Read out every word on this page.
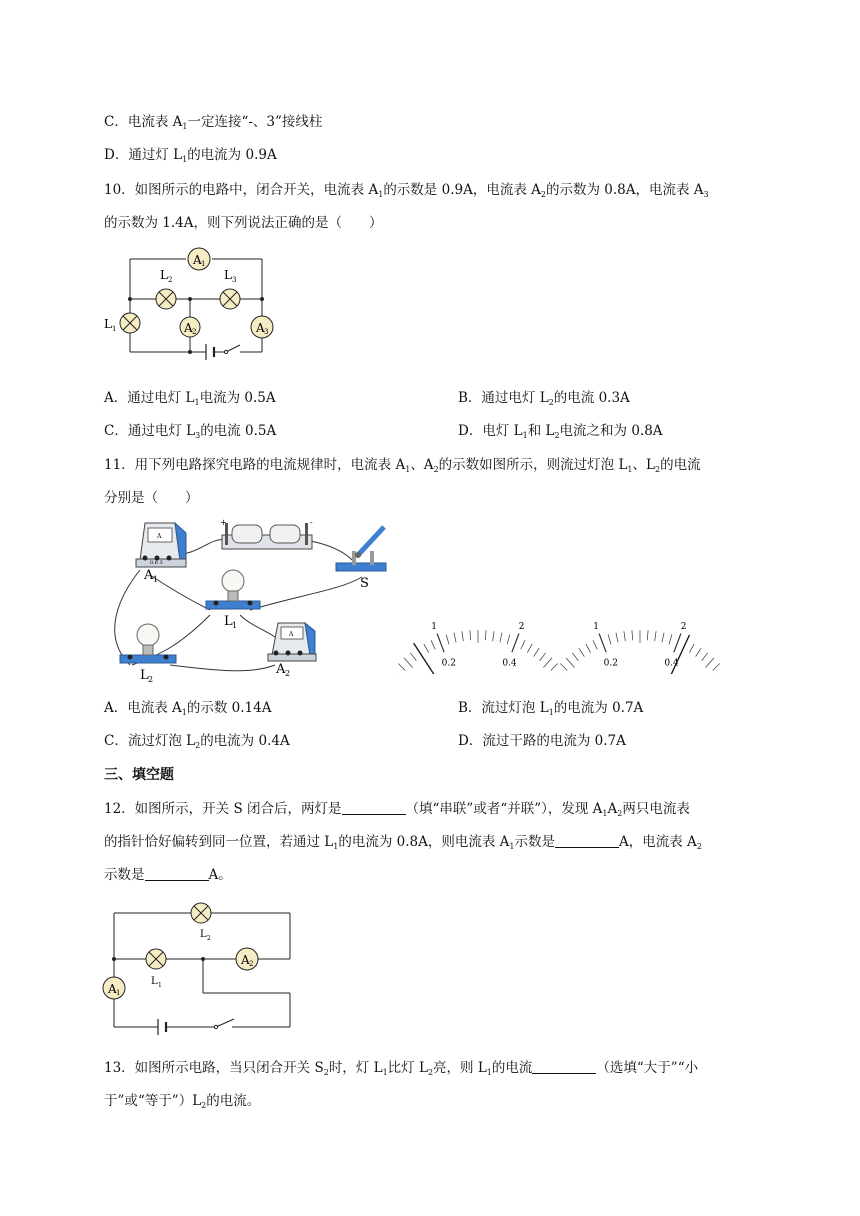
C．电流表 $A_1$一定连接“-、3”接线柱
D．通过灯 $L_1$的电流为 0.9A
10．如图所示的电路中，闭合开关，电流表 $A_1$的示数是 0.9A，电流表 $A_2$的示数为 0.8A，电流表 $A_3$
的示数为 1.4A，则下列说法正确的是（　　）
A 1
L 2	L 3
L 1	A 2	A 3
A．通过电灯 $L_1$电流为 0.5A	B．通过电灯 $L_2$的电流 0.3A
C．通过电灯 $L_3$的电流 0.5A	D．电灯 $L_1$和 $L_2$电流之和为 0.8A
11．用下列电路探究电路的电流规律时，电流表 $A_1$、$A_2$的示数如图所示，则流过灯泡 $L_1$、$L_2$的电流
分别是（　　）
A
0.6 3
A 1
+	-
S
L 1
L 2
A
A 2
1	2
0.2	0.4
1	2
0.2	0.4
A．电流表 $A_1$的示数 0.14A	B．流过灯泡 $L_1$的电流为 0.7A
C．流过灯泡 $L_2$的电流为 0.4A	D．流过干路的电流为 0.7A
三、填空题
12．如图所示，开关 S 闭合后，两灯是	（填“串联”或者“并联”），发现 $A_1A_2$两只电流表
的指针恰好偏转到同一位置，若通过 $L_1$的电流为 0.8A，则电流表 $A_1$示数是	A，电流表 $A_2$
示数是	A。
L 2
L 1
A 2
A 1
13．如图所示电路，当只闭合开关 $S_2$时，灯 $L_1$比灯 $L_2$亮，则 $L_1$的电流	（选填“大于”“小
于”或“等于$”)L_2$的电流。
